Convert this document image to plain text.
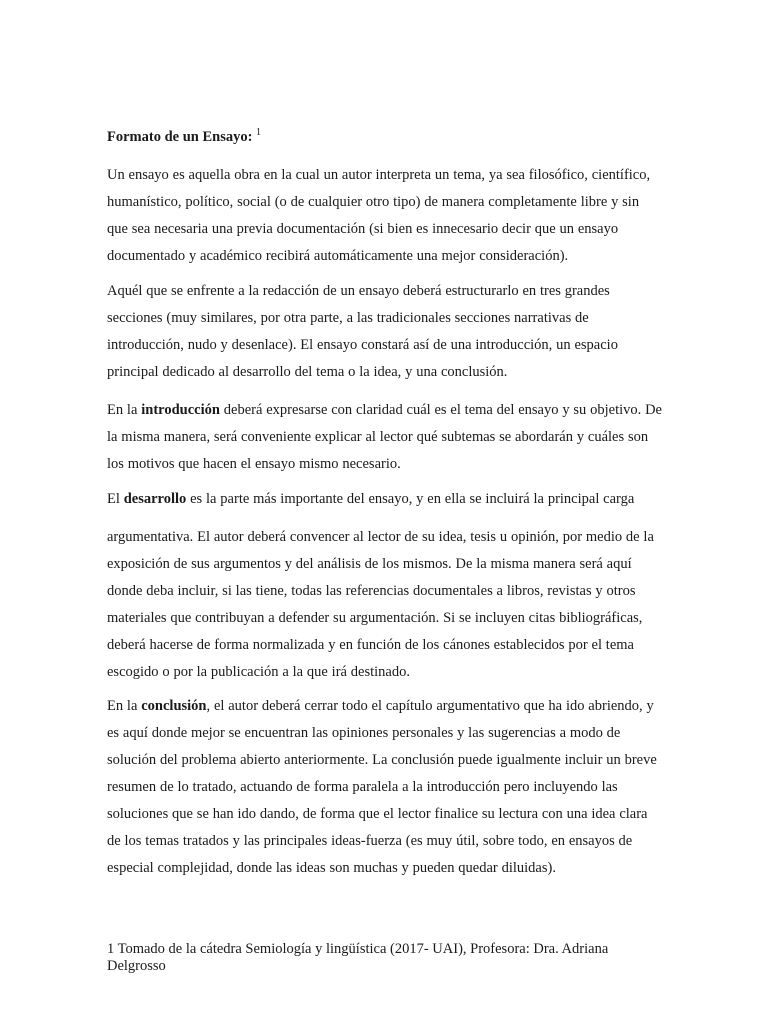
Formato de un Ensayo: $^1$

Un ensayo es aquella obra en la cual un autor interpreta un tema, ya sea filosófico, científico, humanístico, político, social (o de cualquier otro tipo) de manera completamente libre y sin que sea necesaria una previa documentación (si bien es innecesario decir que un ensayo documentado y académico recibirá automáticamente una mejor consideración).

Aquél que se enfrente a la redacción de un ensayo deberá estructurarlo en tres grandes secciones (muy similares, por otra parte, a las tradicionales secciones narrativas de introducción, nudo y desenlace). El ensayo constará así de una introducción, un espacio principal dedicado al desarrollo del tema o la idea, y una conclusión.

En la introducción deberá expresarse con claridad cuál es el tema del ensayo y su objetivo. De la misma manera, será conveniente explicar al lector qué subtemas se abordarán y cuáles son los motivos que hacen el ensayo mismo necesario.

El desarrollo es la parte más importante del ensayo, y en ella se incluirá la principal carga

argumentativa. El autor deberá convencer al lector de su idea, tesis u opinión, por medio de la exposición de sus argumentos y del análisis de los mismos. De la misma manera será aquí donde deba incluir, si las tiene, todas las referencias documentales a libros, revistas y otros materiales que contribuyan a defender su argumentación. Si se incluyen citas bibliográficas, deberá hacerse de forma normalizada y en función de los cánones establecidos por el tema escogido o por la publicación a la que irá destinado.

En la conclusión, el autor deberá cerrar todo el capítulo argumentativo que ha ido abriendo, y es aquí donde mejor se encuentran las opiniones personales y las sugerencias a modo de solución del problema abierto anteriormente. La conclusión puede igualmente incluir un breve resumen de lo tratado, actuando de forma paralela a la introducción pero incluyendo las soluciones que se han ido dando, de forma que el lector finalice su lectura con una idea clara de los temas tratados y las principales ideas-fuerza (es muy útil, sobre todo, en ensayos de especial complejidad, donde las ideas son muchas y pueden quedar diluidas).

1 Tomado de la cátedra Semiología y lingüística (2017- UAI), Profesora: Dra. Adriana Delgrosso
